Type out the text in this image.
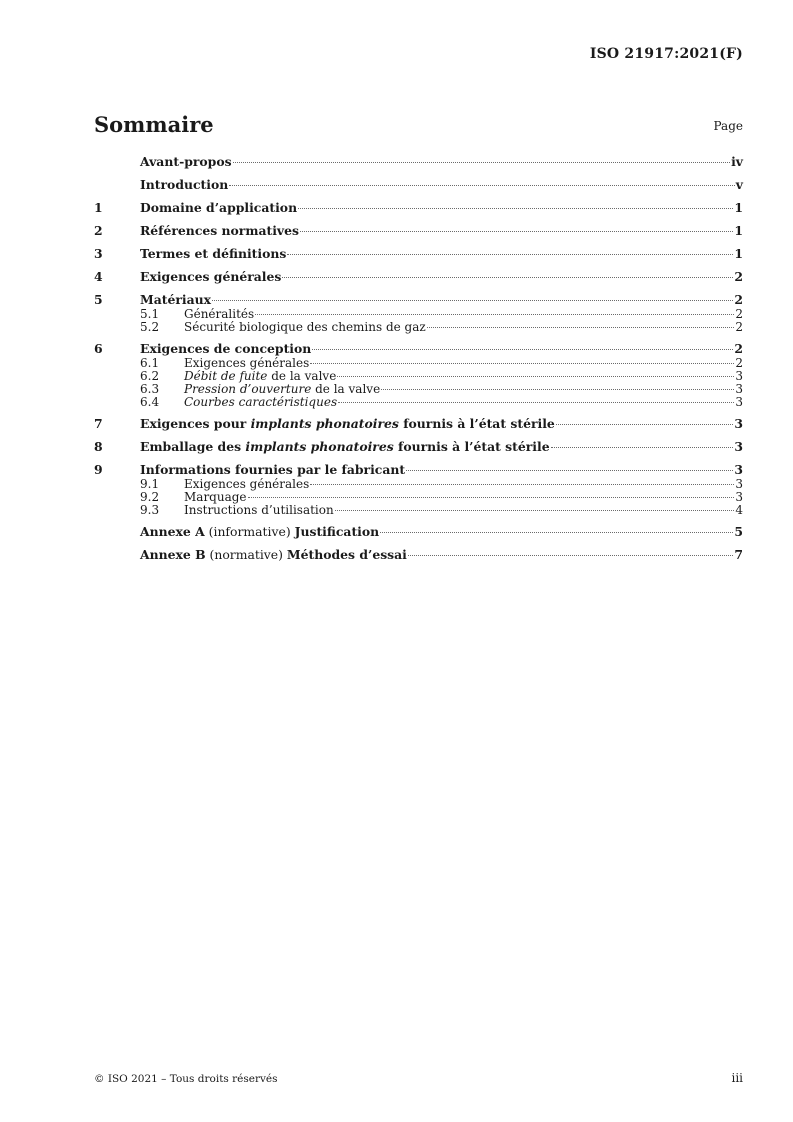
ISO 21917:2021(F)
Sommaire	Page
Avant-propos	iv
Introduction	v
1	Domaine d’application	1
2	Références normatives	1
3	Termes et définitions	1
4	Exigences générales	2
5	Matériaux	2
5.1	Généralités	2
5.2	Sécurité biologique des chemins de gaz	2
6	Exigences de conception	2
6.1	Exigences générales	2
6.2	Débit de fuite de la valve	3
6.3	Pression d’ouverture de la valve	3
6.4	Courbes caractéristiques	3
7	Exigences pour implants phonatoires fournis à l’état stérile	3
8	Emballage des implants phonatoires fournis à l’état stérile	3
9	Informations fournies par le fabricant	3
9.1	Exigences générales	3
9.2	Marquage	3
9.3	Instructions d’utilisation	4
Annexe A (informative) Justification	5
Annexe B (normative) Méthodes d’essai	7
© ISO 2021 – Tous droits réservés	iii
